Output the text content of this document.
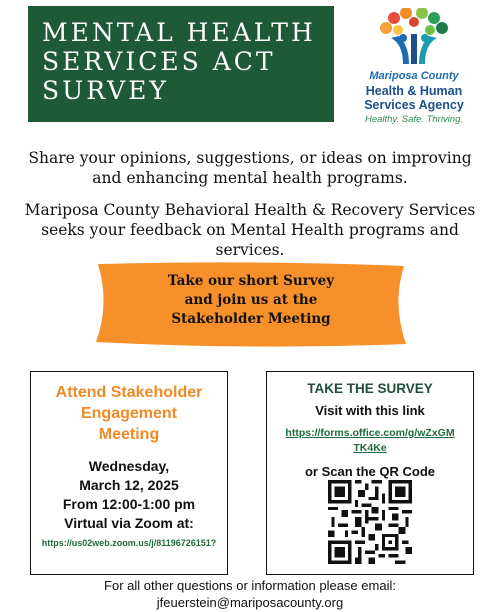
MENTAL HEALTH
SERVICES ACT
SURVEY	Mariposa County
Health & Human
Services Agency
Healthy. Safe. Thriving.
Share your opinions, suggestions, or ideas on improving and enhancing mental health programs.
Mariposa County Behavioral Health & Recovery Services seeks your feedback on Mental Health programs and services.
Take our short Survey
and join us at the
Stakeholder Meeting
Attend Stakeholder
Engagement
Meeting
Wednesday,
March 12, 2025
From 12:00-1:00 pm
Virtual via Zoom at:
https://us02web.zoom.us/j/81196726151?
TAKE THE SURVEY
Visit with this link
https://forms.office.com/g/wZxGM
TK4Ke
or Scan the QR Code
For all other questions or information please email:
jfeuerstein@mariposacounty.org
